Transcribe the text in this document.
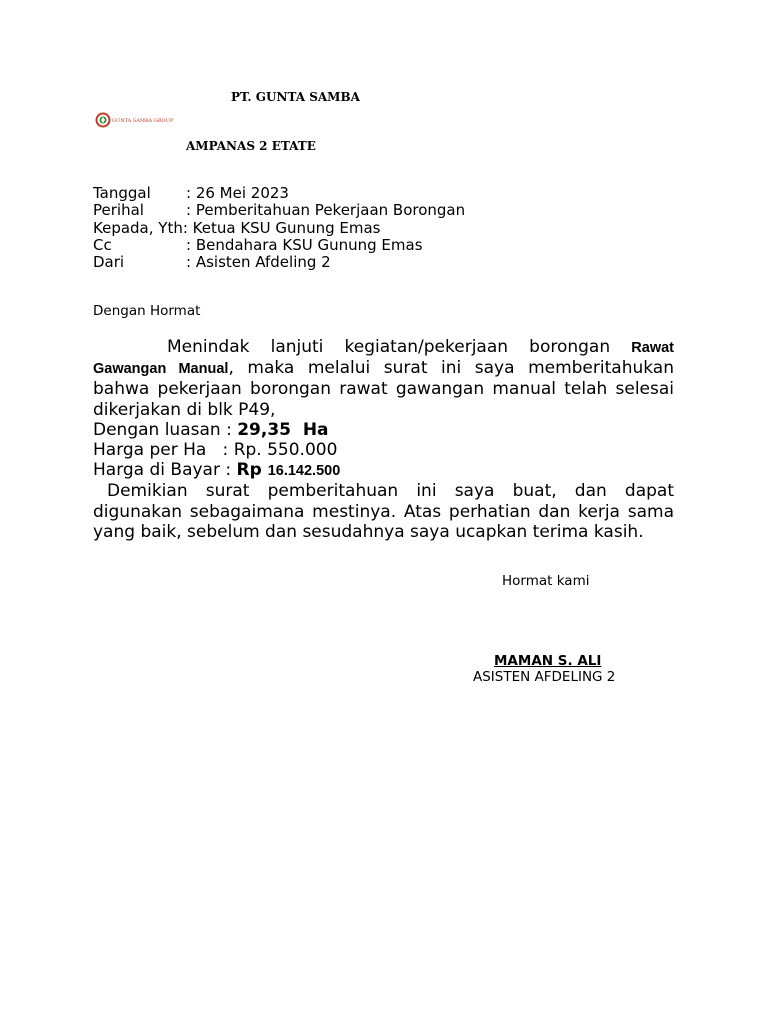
PT. GUNTA SAMBA
GUNTA SAMBA GROUP
AMPANAS 2 ETATE
Tanggal	: 26 Mei 2023
Perihal	: Pemberitahuan Pekerjaan Borongan
Kepada, Yth: Ketua KSU Gunung Emas
Cc	: Bendahara KSU Gunung Emas
Dari	: Asisten Afdeling 2
Dengan Hormat

Menindak lanjuti kegiatan/pekerjaan borongan Rawat Gawangan Manual, maka melalui surat ini saya memberitahukan bahwa pekerjaan borongan rawat gawangan manual telah selesai dikerjakan di blk P49,

Dengan luasan : 29,35  Ha

Harga per Ha   : Rp. 550.000

Harga di Bayar : Rp 16.142.500

Demikian surat pemberitahuan ini saya buat, dan dapat digunakan sebagaimana mestinya. Atas perhatian dan kerja sama yang baik, sebelum dan sesudahnya saya ucapkan terima kasih.

Hormat kami
MAMAN S. ALI
ASISTEN AFDELING 2
